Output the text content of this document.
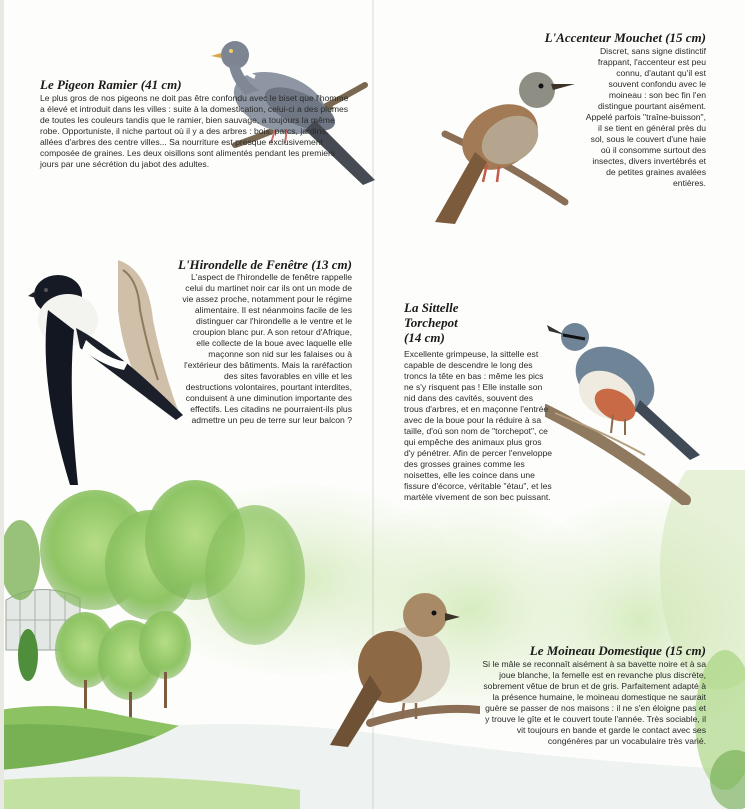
Le Pigeon Ramier (41 cm)

Le plus gros de nos pigeons ne doit pas être confondu avec le biset que l'homme a élevé et introduit dans les villes : suite à la domestication, celui-ci a des plumes de toutes les couleurs tandis que le ramier, bien sauvage, a toujours la même robe. Opportuniste, il niche partout où il y a des arbres : bois, parcs, jardins, allées d'arbres des centre villes... Sa nourriture est presque exclusivement composée de graines. Les deux oisillons sont alimentés pendant les premiers jours par une sécrétion du jabot des adultes.

L'Accenteur Mouchet (15 cm)

Discret, sans signe distinctif frappant, l'accenteur est peu connu, d'autant qu'il est souvent confondu avec le moineau : son bec fin l'en distingue pourtant aisément. Appelé parfois "traîne-buisson", il se tient en général près du sol, sous le couvert d'une haie où il consomme surtout des insectes, divers invertébrés et de petites graines avalées entières.

L'Hirondelle de Fenêtre (13 cm)

L'aspect de l'hirondelle de fenêtre rappelle celui du martinet noir car ils ont un mode de vie assez proche, notamment pour le régime alimentaire. Il est néanmoins facile de les distinguer car l'hirondelle a le ventre et le croupion blanc pur. A son retour d'Afrique, elle collecte de la boue avec laquelle elle maçonne son nid sur les falaises ou à l'extérieur des bâtiments. Mais la raréfaction des sites favorables en ville et les destructions volontaires, pourtant interdites, conduisent à une diminution importante des effectifs. Les citadins ne pourraient-ils plus admettre un peu de terre sur leur balcon ?

La Sittelle
Torchepot
(14 cm)

Excellente grimpeuse, la sittelle est capable de descendre le long des troncs la tête en bas : même les pics ne s'y risquent pas ! Elle installe son nid dans des cavités, souvent des trous d'arbres, et en maçonne l'entrée avec de la boue pour la réduire à sa taille, d'où son nom de "torchepot", ce qui empêche des animaux plus gros d'y pénétrer. Afin de percer l'enveloppe des grosses graines comme les noisettes, elle les coince dans une fissure d'écorce, véritable "étau", et les martèle vivement de son bec puissant.

Le Moineau Domestique (15 cm)

Si le mâle se reconnaît aisément à sa bavette noire et à sa joue blanche, la femelle est en revanche plus discrète, sobrement vêtue de brun et de gris. Parfaitement adapté à la présence humaine, le moineau domestique ne saurait guère se passer de nos maisons : il ne s'en éloigne pas et y trouve le gîte et le couvert toute l'année. Très sociable, il vit toujours en bande et garde le contact avec ses congénères par un vocabulaire très varié.
